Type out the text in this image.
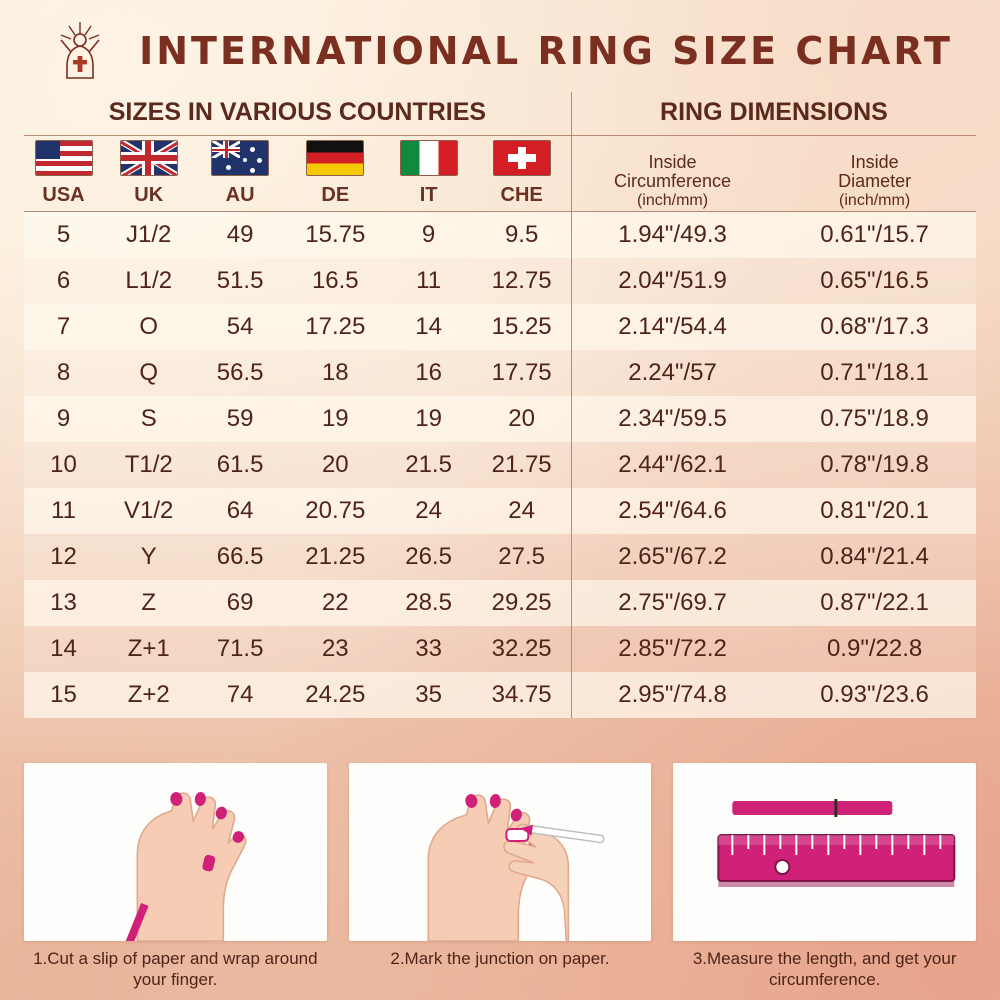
INTERNATIONAL RING SIZE CHART
SIZES IN VARIOUS COUNTRIES						RING DIMENSIONS	

Inside
Circumference
(inch/mm)

Inside
Diameter
(inch/mm)

USA	UK	AU	DE	IT	CHE		

5	J1/2	49	15.75	9	9.5	1.94"/49.3	0.61"/15.7
6	L1/2	51.5	16.5	11	12.75	2.04"/51.9	0.65"/16.5
7	O	54	17.25	14	15.25	2.14"/54.4	0.68"/17.3
8	Q	56.5	18	16	17.75	2.24"/57	0.71"/18.1
9	S	59	19	19	20	2.34"/59.5	0.75"/18.9
10	T1/2	61.5	20	21.5	21.75	2.44"/62.1	0.78"/19.8
11	V1/2	64	20.75	24	24	2.54"/64.6	0.81"/20.1
12	Y	66.5	21.25	26.5	27.5	2.65"/67.2	0.84"/21.4
13	Z	69	22	28.5	29.25	2.75"/69.7	0.87"/22.1
14	Z+1	71.5	23	33	32.25	2.85"/72.2	0.9"/22.8
15	Z+2	74	24.25	35	34.75	2.95"/74.8	0.93"/23.6
1.Cut a slip of paper and wrap around your finger.
2.Mark the junction on paper.	3.Measure the length, and get your circumference.
